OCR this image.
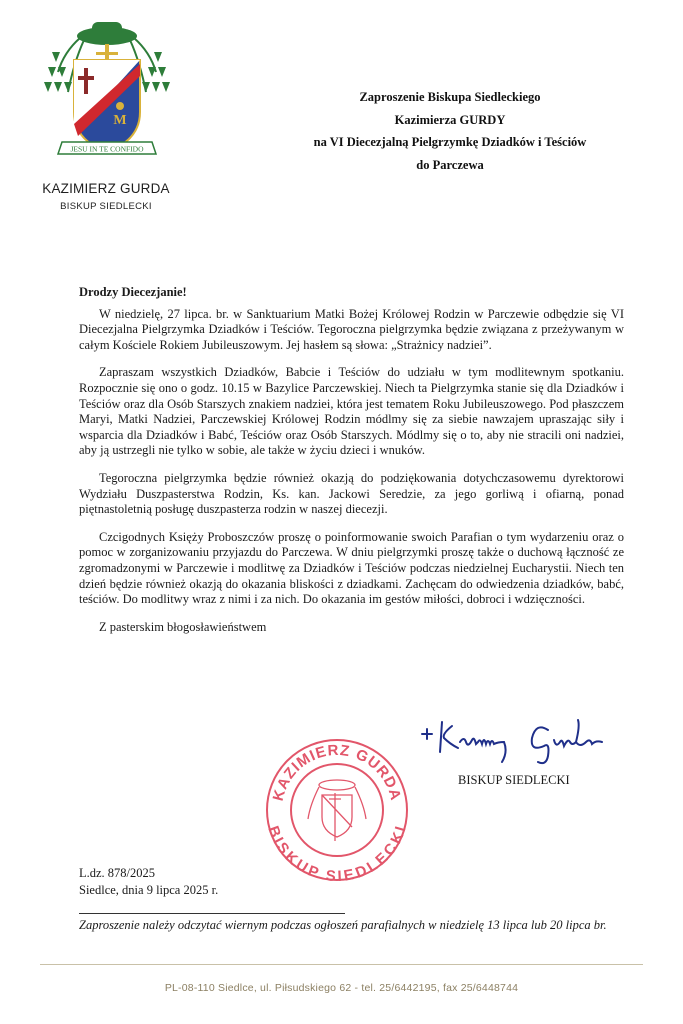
M
JESU IN TE CONFIDO
KAZIMIERZ GURDA
BISKUP SIEDLECKI
Zaproszenie Biskupa Siedleckiego
Kazimierza GURDY
na VI Diecezjalną Pielgrzymkę Dziadków i Teściów
do Parczewa
Drodzy Diecezjanie!

W niedzielę, 27 lipca. br. w Sanktuarium Matki Bożej Królowej Rodzin w Parczewie odbędzie się VI Diecezjalna Pielgrzymka Dziadków i Teściów. Tegoroczna pielgrzymka będzie związana z przeżywanym w całym Kościele Rokiem Jubileuszowym. Jej hasłem są słowa: „Strażnicy nadziei”.

Zapraszam wszystkich Dziadków, Babcie i Teściów do udziału w tym modlitewnym spotkaniu. Rozpocznie się ono o godz. 10.15 w Bazylice Parczewskiej. Niech ta Pielgrzymka stanie się dla Dziadków i Teściów oraz dla Osób Starszych znakiem nadziei, która jest tematem Roku Jubileuszowego. Pod płaszczem Maryi, Matki Nadziei, Parczewskiej Królowej Rodzin módlmy się za siebie nawzajem upraszając siły i wsparcia dla Dziadków i Babć, Teściów oraz Osób Starszych. Módlmy się o to, aby nie stracili oni nadziei, aby ją ustrzegli nie tylko w sobie, ale także w życiu dzieci i wnuków.

Tegoroczna pielgrzymka będzie również okazją do podziękowania dotychczasowemu dyrektorowi Wydziału Duszpasterstwa Rodzin, Ks. kan. Jackowi Seredzie, za jego gorliwą i ofiarną, ponad piętnastoletnią posługę duszpasterza rodzin w naszej diecezji.

Czcigodnych Księży Proboszczów proszę o poinformowanie swoich Parafian o tym wydarzeniu oraz o pomoc w zorganizowaniu przyjazdu do Parczewa. W dniu pielgrzymki proszę także o duchową łączność ze zgromadzonymi w Parczewie i modlitwę za Dziadków i Teściów podczas niedzielnej Eucharystii. Niech ten dzień będzie również okazją do okazania bliskości z dziadkami. Zachęcam do odwiedzenia dziadków, babć, teściów. Do modlitwy wraz z nimi i za nich. Do okazania im gestów miłości, dobroci i wdzięczności.

Z pasterskim błogosławieństwem

BISKUP SIEDLECKI
KAZIMIERZ GURDA
BISKUP SIEDLECKI
L.dz. 878/2025
Siedlce, dnia 9 lipca 2025 r.
Zaproszenie należy odczytać wiernym podczas ogłoszeń parafialnych w niedzielę 13 lipca lub 20 lipca br.
PL-08-110 Siedlce, ul. Piłsudskiego 62 - tel. 25/6442195, fax 25/6448744
